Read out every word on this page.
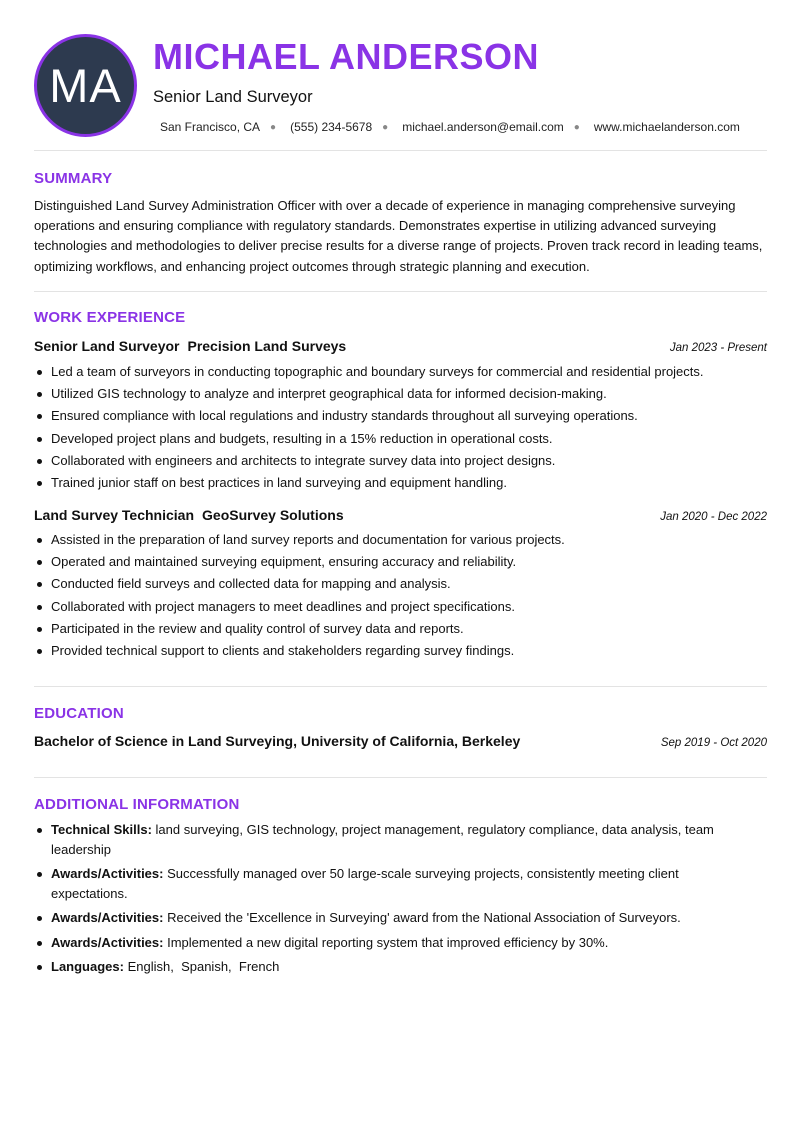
MA
MICHAEL ANDERSON
Senior Land Surveyor
San Francisco, CA ● (555) 234-5678 ● michael.anderson@email.com ● www.michaelanderson.com
SUMMARY
Distinguished Land Survey Administration Officer with over a decade of experience in managing comprehensive surveying operations and ensuring compliance with regulatory standards. Demonstrates expertise in utilizing advanced surveying technologies and methodologies to deliver precise results for a diverse range of projects. Proven track record in leading teams, optimizing workflows, and enhancing project outcomes through strategic planning and execution.
WORK EXPERIENCE
Senior Land Surveyor Precision Land Surveys	Jan 2023 - Present
Led a team of surveyors in conducting topographic and boundary surveys for commercial and residential projects.
Utilized GIS technology to analyze and interpret geographical data for informed decision-making.
Ensured compliance with local regulations and industry standards throughout all surveying operations.
Developed project plans and budgets, resulting in a 15% reduction in operational costs.
Collaborated with engineers and architects to integrate survey data into project designs.
Trained junior staff on best practices in land surveying and equipment handling.
Land Survey Technician GeoSurvey Solutions	Jan 2020 - Dec 2022
Assisted in the preparation of land survey reports and documentation for various projects.
Operated and maintained surveying equipment, ensuring accuracy and reliability.
Conducted field surveys and collected data for mapping and analysis.
Collaborated with project managers to meet deadlines and project specifications.
Participated in the review and quality control of survey data and reports.
Provided technical support to clients and stakeholders regarding survey findings.
EDUCATION
Bachelor of Science in Land Surveying, University of California, Berkeley	Sep 2019 - Oct 2020
ADDITIONAL INFORMATION
Technical Skills: land surveying, GIS technology, project management, regulatory compliance, data analysis, team leadership
Awards/Activities: Successfully managed over 50 large-scale surveying projects, consistently meeting client expectations.
Awards/Activities: Received the 'Excellence in Surveying' award from the National Association of Surveyors.
Awards/Activities: Implemented a new digital reporting system that improved efficiency by 30%.
Languages: English,  Spanish,  French
